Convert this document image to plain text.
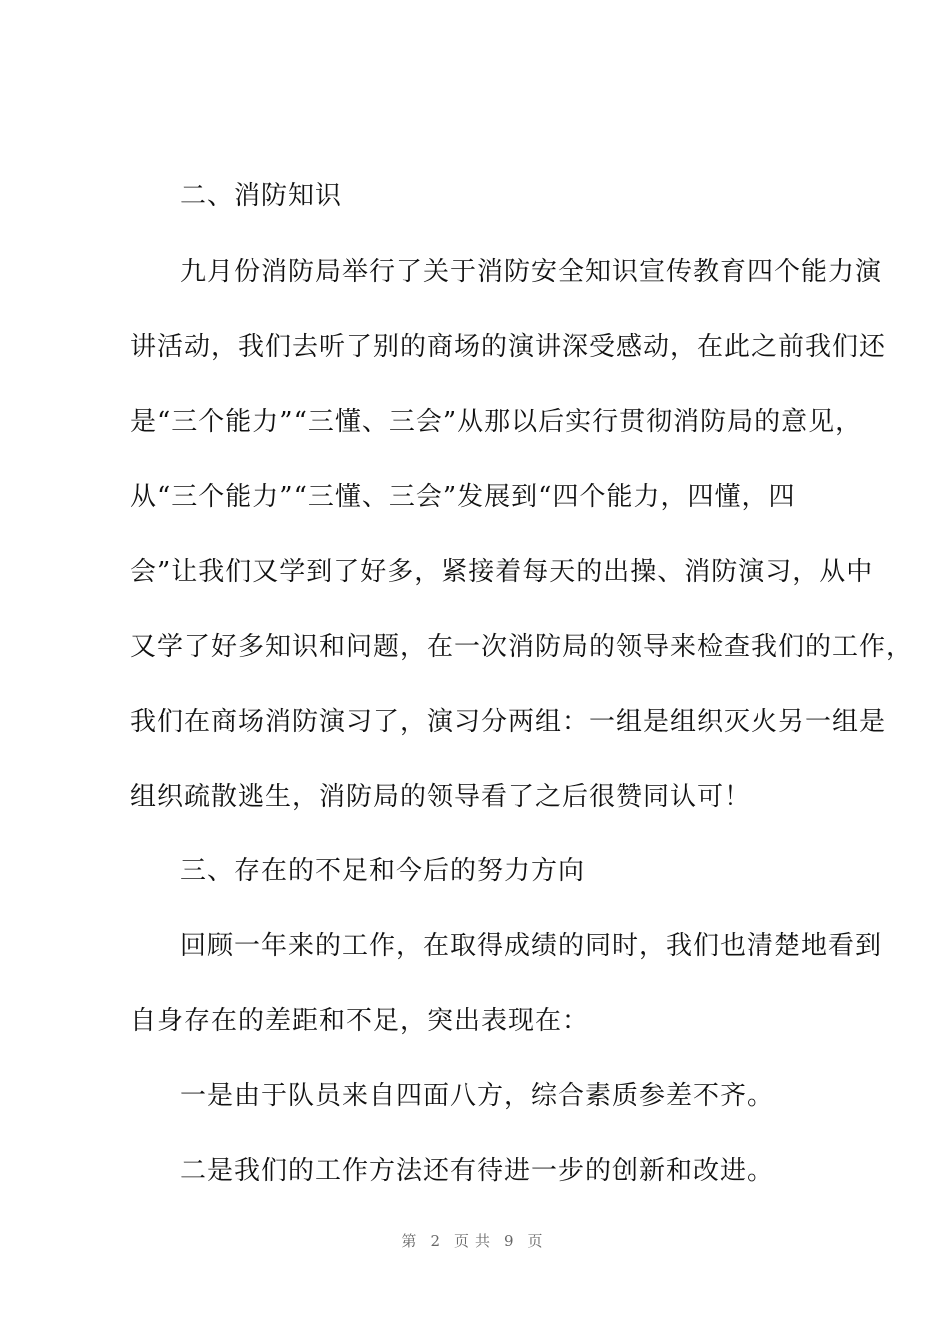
二、消防知识
九月份消防局举行了关于消防安全知识宣传教育四个能力演
讲活动，我们去听了别的商场的演讲深受感动，在此之前我们还
是“三个能力”“三懂、三会”从那以后实行贯彻消防局的意见，
从“三个能力”“三懂、三会”发展到“四个能力，四懂，四
会”让我们又学到了好多，紧接着每天的出操、消防演习，从中
又学了好多知识和问题，在一次消防局的领导来检查我们的工作，
我们在商场消防演习了，演习分两组：一组是组织灭火另一组是
组织疏散逃生，消防局的领导看了之后很赞同认可！
三、存在的不足和今后的努力方向
回顾一年来的工作，在取得成绩的同时，我们也清楚地看到
自身存在的差距和不足，突出表现在：
一是由于队员来自四面八方，综合素质参差不齐。
二是我们的工作方法还有待进一步的创新和改进。
第 2 页共 9 页
